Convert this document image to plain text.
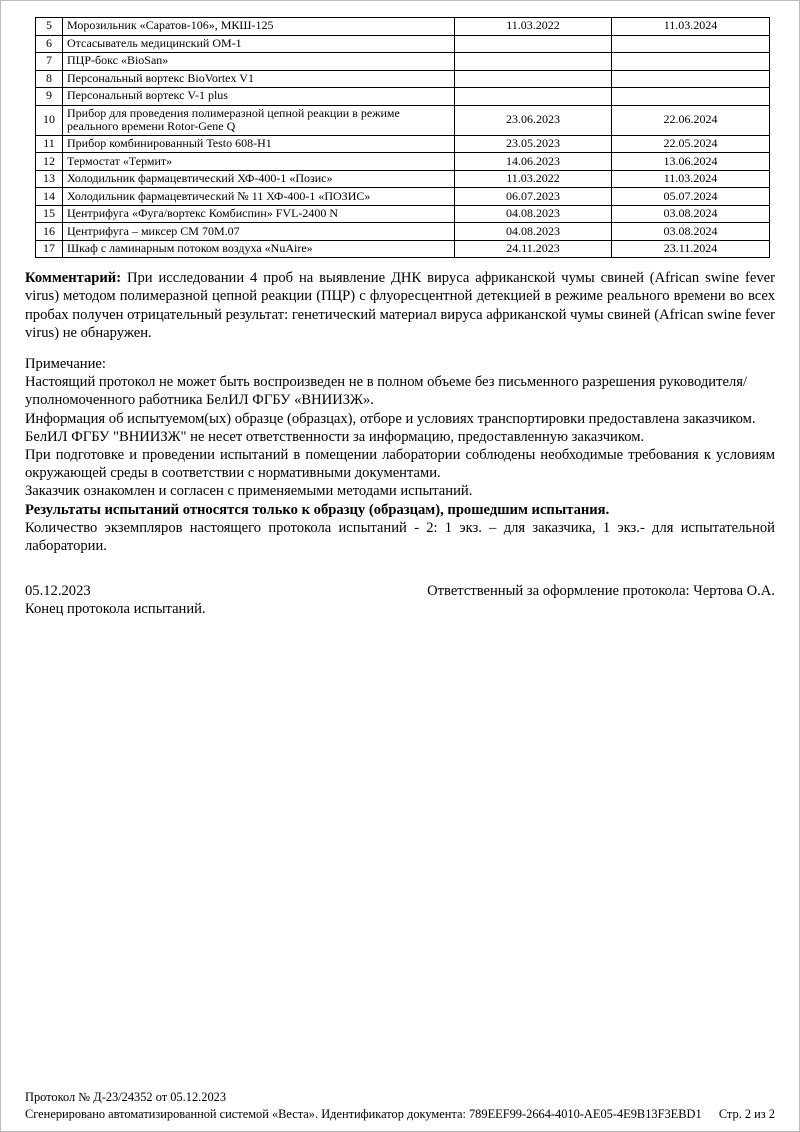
5	Морозильник «Саратов-106», МКШ-125	11.03.2022	11.03.2024
6	Отсасыватель медицинский ОМ-1		
7	ПЦР-бокс «BioSan»		
8	Персональный вортекс BioVortex V1		
9	Персональный вортекс V-1 plus		
10	Прибор для проведения полимеразной цепной реакции в режиме реального времени Rotor-Gene Q	23.06.2023	22.06.2024
11	Прибор комбинированный Testo 608-H1	23.05.2023	22.05.2024
12	Термостат «Термит»	14.06.2023	13.06.2024
13	Холодильник фармацевтический ХФ-400-1 «Позис»	11.03.2022	11.03.2024
14	Холодильник фармацевтический № 11 ХФ-400-1 «ПОЗИС»	06.07.2023	05.07.2024
15	Центрифуга «Фуга/вортекс Комбиспин» FVL-2400 N	04.08.2023	03.08.2024
16	Центрифуга – миксер СМ 70М.07	04.08.2023	03.08.2024
17	Шкаф с ламинарным потоком воздуха «NuAire»	24.11.2023	23.11.2024

Комментарий: При исследовании 4 проб на выявление ДНК вируса африканской чумы свиней (African swine fever virus) методом полимеразной цепной реакции (ПЦР) с флуоресцентной детекцией в режиме реального времени во всех пробах получен отрицательный результат: генетический материал вируса африканской чумы свиней (African swine fever virus) не обнаружен.

Примечание:

Настоящий протокол не может быть воспроизведен не в полном объеме без письменного разрешения руководителя/уполномоченного работника БелИЛ ФГБУ «ВНИИЗЖ».

Информация об испытуемом(ых) образце (образцах), отборе и условиях транспортировки предоставлена заказчиком.

БелИЛ ФГБУ "ВНИИЗЖ" не несет ответственности за информацию, предоставленную заказчиком.

При подготовке и проведении испытаний в помещении лаборатории соблюдены необходимые требования к условиям окружающей среды в соответствии с нормативными документами.

Заказчик ознакомлен и согласен с применяемыми методами испытаний.

Результаты испытаний относятся только к образцу (образцам), прошедшим испытания.

Количество экземпляров настоящего протокола испытаний - 2: 1 экз. – для заказчика, 1 экз.- для испытательной лаборатории.

05.12.2023	Ответственный за оформление протокола: Чертова О.А.

Конец протокола испытаний.

Протокол № Д-23/24352 от 05.12.2023
Сгенерировано автоматизированной системой «Веста». Идентификатор документа: 789EEF99-2664-4010-AE05-4E9B13F3EBD1 Стр. 2 из 2
